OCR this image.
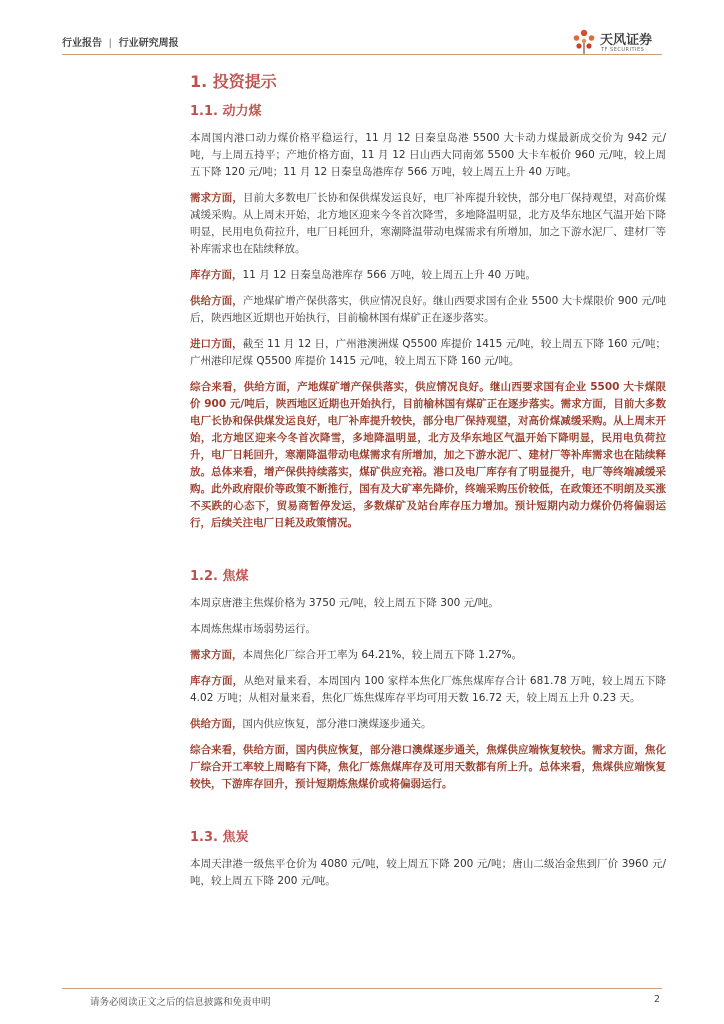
行业报告 | 行业研究周报	天风证券
TF SECURITIES
1. 投资提示
1.1. 动力煤

本周国内港口动力煤价格平稳运行，11 月 12 日秦皇岛港 5500 大卡动力煤最新成交价为 942 元/吨，与上周五持平；产地价格方面，11 月 12 日山西大同南郊 5500 大卡车板价 960 元/吨，较上周五下降 120 元/吨；11 月 12 日秦皇岛港库存 566 万吨，较上周五上升 40 万吨。

需求方面，目前大多数电厂长协和保供煤发运良好，电厂补库提升较快，部分电厂保持观望，对高价煤减缓采购。从上周末开始，北方地区迎来今冬首次降雪，多地降温明显，北方及华东地区气温开始下降明显，民用电负荷拉升，电厂日耗回升，寒潮降温带动电煤需求有所增加，加之下游水泥厂、建材厂等补库需求也在陆续释放。

库存方面，11 月 12 日秦皇岛港库存 566 万吨，较上周五上升 40 万吨。

供给方面，产地煤矿增产保供落实，供应情况良好。继山西要求国有企业 5500 大卡煤限价 900 元/吨后，陕西地区近期也开始执行，目前榆林国有煤矿正在逐步落实。

进口方面，截至 11 月 12 日，广州港澳洲煤 Q5500 库提价 1415 元/吨，较上周五下降 160 元/吨；广州港印尼煤 Q5500 库提价 1415 元/吨，较上周五下降 160 元/吨。

综合来看，供给方面，产地煤矿增产保供落实，供应情况良好。继山西要求国有企业 5500 大卡煤限价 900 元/吨后，陕西地区近期也开始执行，目前榆林国有煤矿正在逐步落实。需求方面，目前大多数电厂长协和保供煤发运良好，电厂补库提升较快，部分电厂保持观望，对高价煤减缓采购。从上周末开始，北方地区迎来今冬首次降雪，多地降温明显，北方及华东地区气温开始下降明显，民用电负荷拉升，电厂日耗回升，寒潮降温带动电煤需求有所增加，加之下游水泥厂、建材厂等补库需求也在陆续释放。总体来看，增产保供持续落实，煤矿供应充裕。港口及电厂库存有了明显提升，电厂等终端减缓采购。此外政府限价等政策不断推行，国有及大矿率先降价，终端采购压价较低，在政策还不明朗及买涨不买跌的心态下，贸易商暂停发运，多数煤矿及站台库存压力增加。预计短期内动力煤价仍将偏弱运行，后续关注电厂日耗及政策情况。

1.2. 焦煤

本周京唐港主焦煤价格为 3750 元/吨，较上周五下降 300 元/吨。

本周炼焦煤市场弱势运行。

需求方面，本周焦化厂综合开工率为 64.21%，较上周五下降 1.27%。

库存方面，从绝对量来看，本周国内 100 家样本焦化厂炼焦煤库存合计 681.78 万吨，较上周五下降 4.02 万吨；从相对量来看，焦化厂炼焦煤库存平均可用天数 16.72 天，较上周五上升 0.23 天。

供给方面，国内供应恢复，部分港口澳煤逐步通关。

综合来看，供给方面，国内供应恢复，部分港口澳煤逐步通关，焦煤供应端恢复较快。需求方面，焦化厂综合开工率较上周略有下降，焦化厂炼焦煤库存及可用天数都有所上升。总体来看，焦煤供应端恢复较快，下游库存回升，预计短期炼焦煤价或将偏弱运行。

1.3. 焦炭

本周天津港一级焦平仓价为 4080 元/吨，较上周五下降 200 元/吨；唐山二级冶金焦到厂价 3960 元/吨，较上周五下降 200 元/吨。

请务必阅读正文之后的信息披露和免责申明	2
